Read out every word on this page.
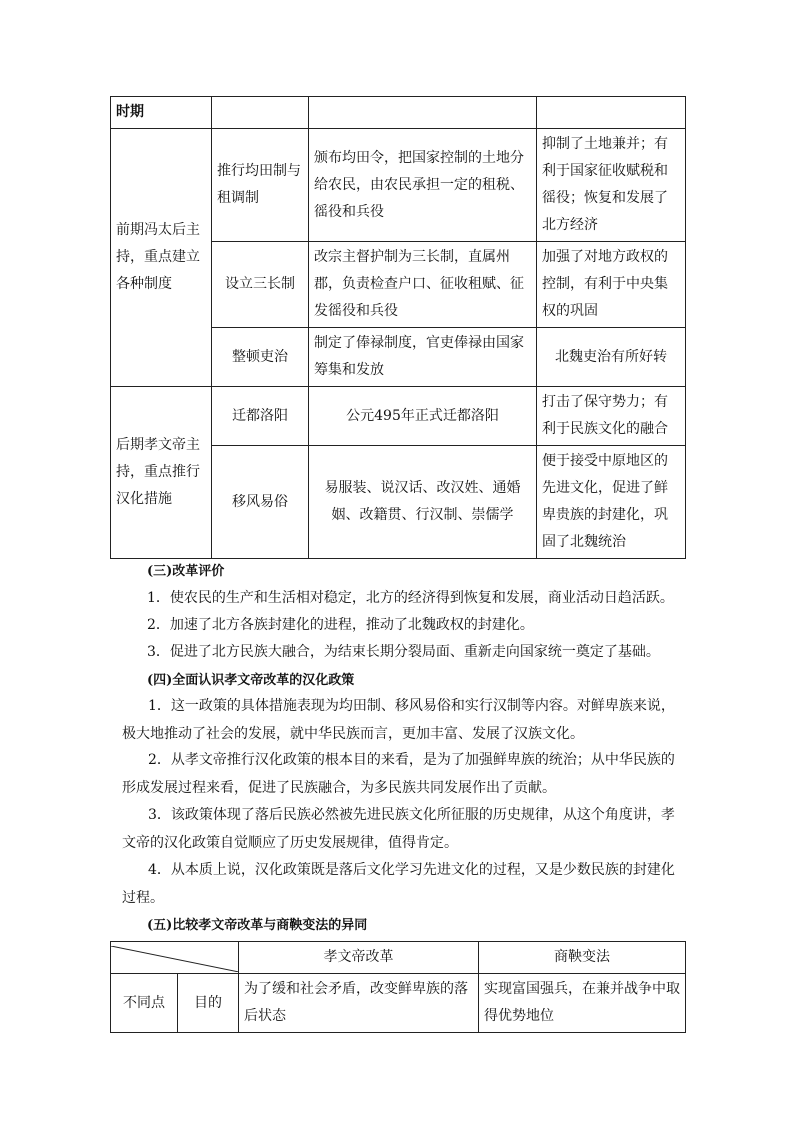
时期			
前期冯太后主持，重点建立各种制度	推行均田制与租调制	颁布均田令，把国家控制的土地分给农民，由农民承担一定的租税、徭役和兵役	抑制了土地兼并；有利于国家征收赋税和徭役；恢复和发展了北方经济
	设立三长制	改宗主督护制为三长制，直属州郡，负责检查户口、征收租赋、征发徭役和兵役	加强了对地方政权的控制，有利于中央集权的巩固
	整顿吏治	制定了俸禄制度，官吏俸禄由国家筹集和发放	北魏吏治有所好转
后期孝文帝主持，重点推行汉化措施	迁都洛阳	公元495年正式迁都洛阳	打击了保守势力；有利于民族文化的融合
	移风易俗	易服装、说汉话、改汉姓、通婚姻、改籍贯、行汉制、崇儒学	便于接受中原地区的先进文化，促进了鲜卑贵族的封建化，巩固了北魏统治
(三)改革评价
1．使农民的生产和生活相对稳定，北方的经济得到恢复和发展，商业活动日趋活跃。
2．加速了北方各族封建化的进程，推动了北魏政权的封建化。
3．促进了北方民族大融合，为结束长期分裂局面、重新走向国家统一奠定了基础。
(四)全面认识孝文帝改革的汉化政策
1．这一政策的具体措施表现为均田制、移风易俗和实行汉制等内容。对鲜卑族来说，极大地推动了社会的发展，就中华民族而言，更加丰富、发展了汉族文化。
2．从孝文帝推行汉化政策的根本目的来看，是为了加强鲜卑族的统治；从中华民族的形成发展过程来看，促进了民族融合，为多民族共同发展作出了贡献。
3．该政策体现了落后民族必然被先进民族文化所征服的历史规律，从这个角度讲，孝文帝的汉化政策自觉顺应了历史发展规律，值得肯定。
4．从本质上说，汉化政策既是落后文化学习先进文化的过程，又是少数民族的封建化过程。
(五)比较孝文帝改革与商鞅变法的异同
	孝文帝改革	商鞅变法
不同点	目的	为了缓和社会矛盾，改变鲜卑族的落后状态	实现富国强兵，在兼并战争中取得优势地位
